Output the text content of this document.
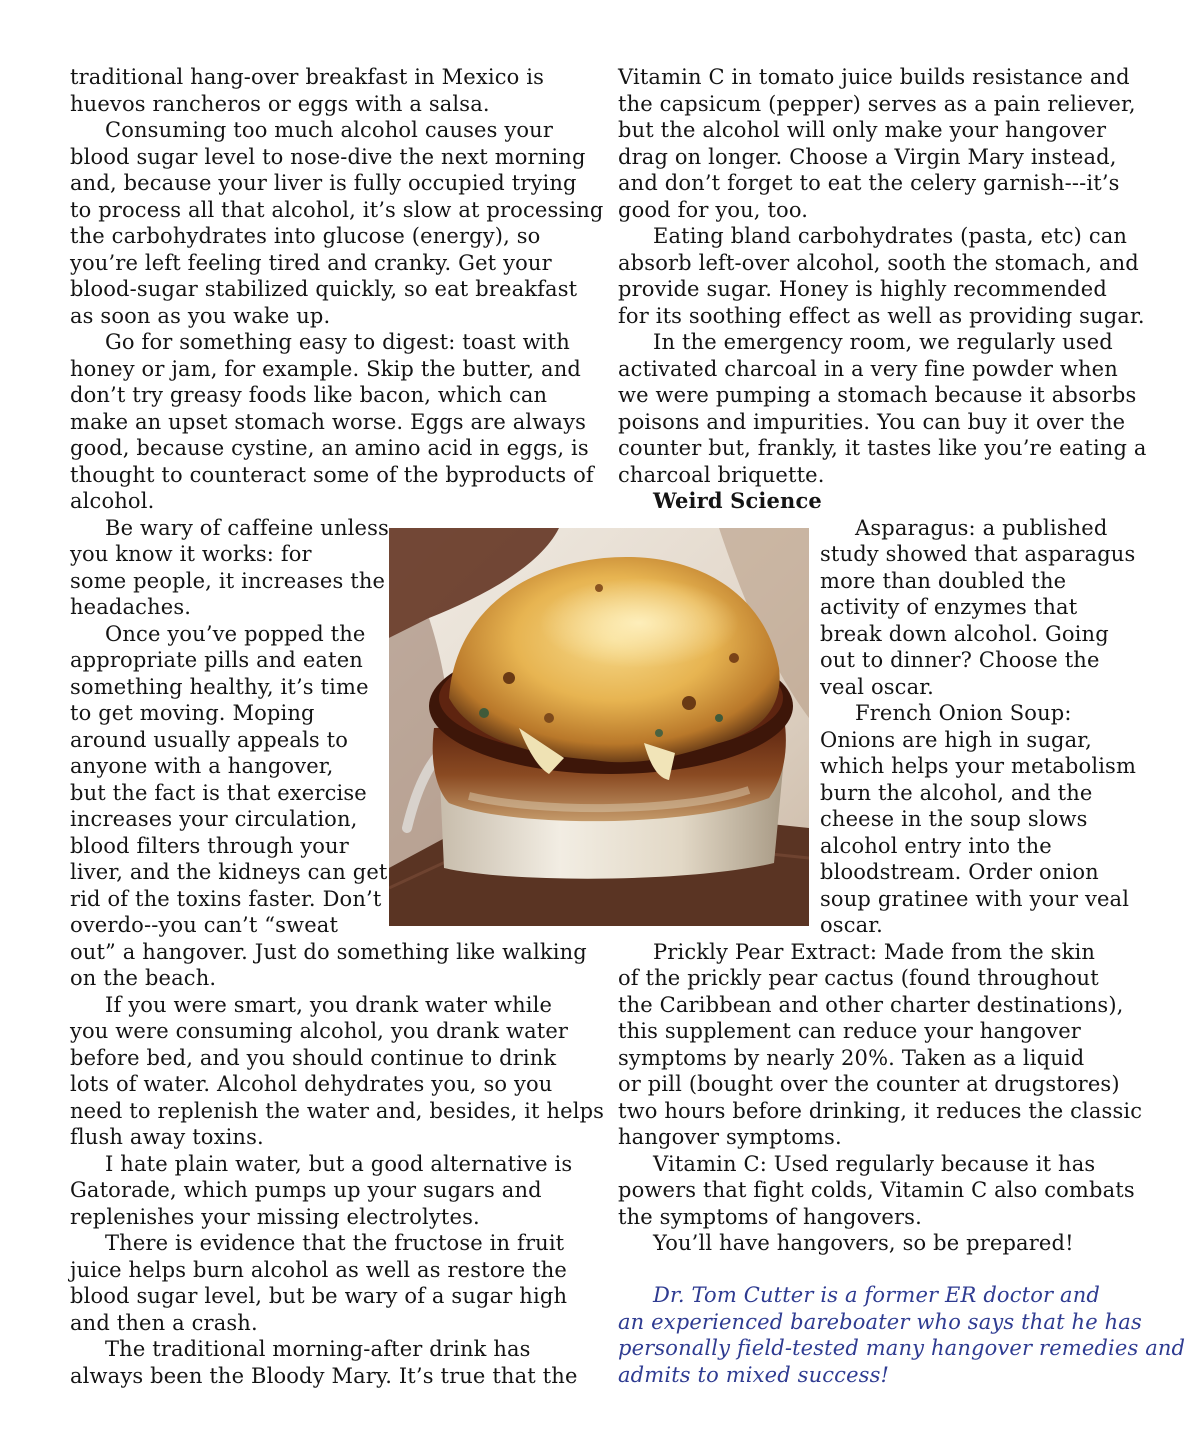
traditional hang-over breakfast in Mexico is
huevos rancheros or eggs with a salsa.
Consuming too much alcohol causes your
blood sugar level to nose-dive the next morning
and, because your liver is fully occupied trying
to process all that alcohol, it’s slow at processing
the carbohydrates into glucose (energy), so
you’re left feeling tired and cranky. Get your
blood-sugar stabilized quickly, so eat breakfast
as soon as you wake up.
Go for something easy to digest: toast with
honey or jam, for example. Skip the butter, and
don’t try greasy foods like bacon, which can
make an upset stomach worse. Eggs are always
good, because cystine, an amino acid in eggs, is
thought to counteract some of the byproducts of
alcohol.
Be wary of caffeine unless
you know it works: for
some people, it increases the
headaches.
Once you’ve popped the
appropriate pills and eaten
something healthy, it’s time
to get moving. Moping
around usually appeals to
anyone with a hangover,
but the fact is that exercise
increases your circulation,
blood filters through your
liver, and the kidneys can get
rid of the toxins faster. Don’t
overdo--you can’t “sweat
out” a hangover. Just do something like walking
on the beach.
If you were smart, you drank water while
you were consuming alcohol, you drank water
before bed, and you should continue to drink
lots of water. Alcohol dehydrates you, so you
need to replenish the water and, besides, it helps
flush away toxins.
I hate plain water, but a good alternative is
Gatorade, which pumps up your sugars and
replenishes your missing electrolytes.
There is evidence that the fructose in fruit
juice helps burn alcohol as well as restore the
blood sugar level, but be wary of a sugar high
and then a crash.
The traditional morning-after drink has
always been the Bloody Mary. It’s true that the
Vitamin C in tomato juice builds resistance and
the capsicum (pepper) serves as a pain reliever,
but the alcohol will only make your hangover
drag on longer. Choose a Virgin Mary instead,
and don’t forget to eat the celery garnish---it’s
good for you, too.
Eating bland carbohydrates (pasta, etc) can
absorb left-over alcohol, sooth the stomach, and
provide sugar. Honey is highly recommended
for its soothing effect as well as providing sugar.
In the emergency room, we regularly used
activated charcoal in a very fine powder when
we were pumping a stomach because it absorbs
poisons and impurities. You can buy it over the
counter but, frankly, it tastes like you’re eating a
charcoal briquette.
Weird Science
Asparagus: a published
study showed that asparagus
more than doubled the
activity of enzymes that
break down alcohol. Going
out to dinner? Choose the
veal oscar.
French Onion Soup:
Onions are high in sugar,
which helps your metabolism
burn the alcohol, and the
cheese in the soup slows
alcohol entry into the
bloodstream. Order onion
soup gratinee with your veal
oscar.
Prickly Pear Extract: Made from the skin
of the prickly pear cactus (found throughout
the Caribbean and other charter destinations),
this supplement can reduce your hangover
symptoms by nearly 20%. Taken as a liquid
or pill (bought over the counter at drugstores)
two hours before drinking, it reduces the classic
hangover symptoms.
Vitamin C: Used regularly because it has
powers that fight colds, Vitamin C also combats
the symptoms of hangovers.
You’ll have hangovers, so be prepared!
Dr. Tom Cutter is a former ER doctor and
an experienced bareboater who says that he has
personally field-tested many hangover remedies and
admits to mixed success!
